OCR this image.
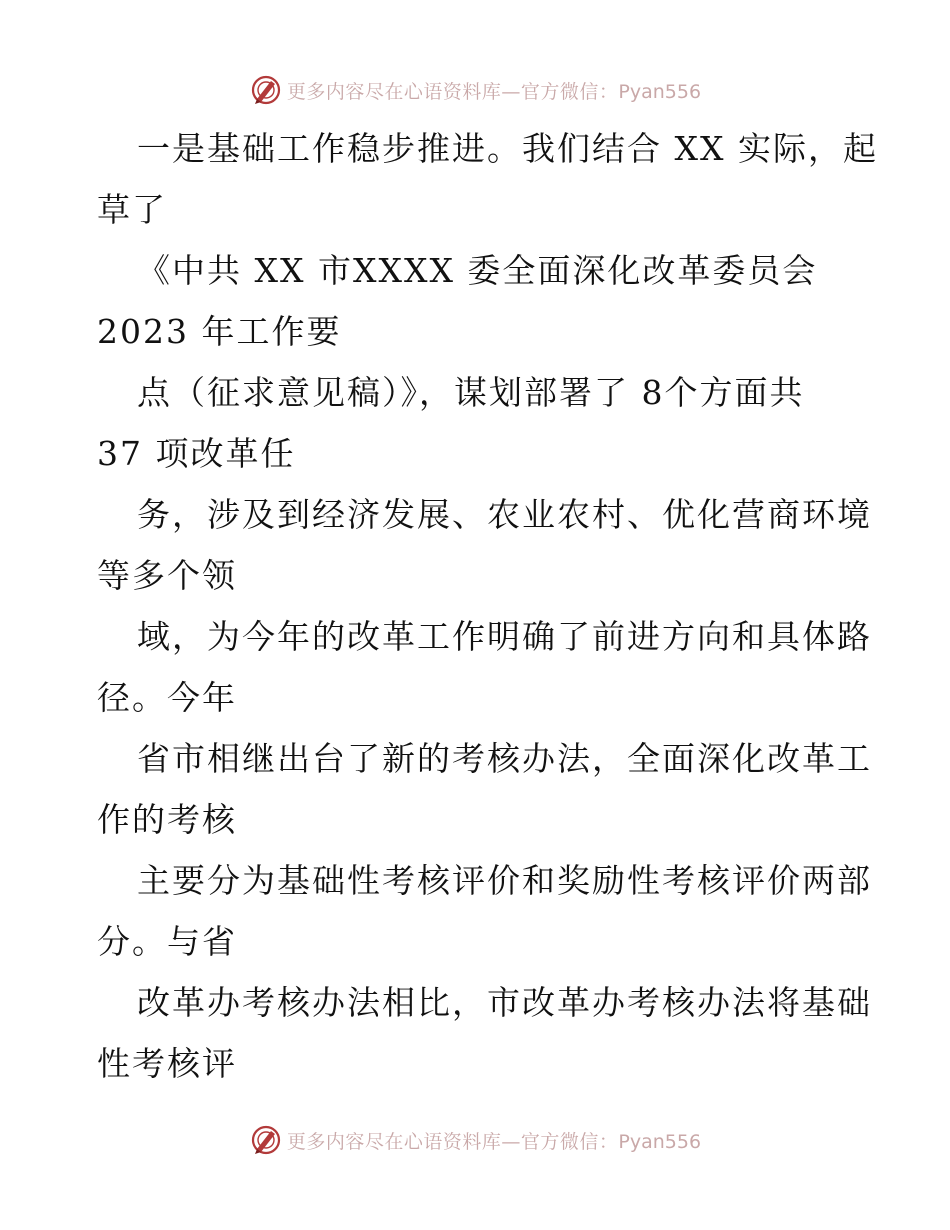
更多内容尽在心语资料库—官方微信：Pyan556
一是基础工作稳步推进。我们结合 XX 实际，起
草了
《中共 XX 市XXXX 委全面深化改革委员会
2023 年工作要
点（征求意见稿）》，谋划部署了 8个方面共
37 项改革任
务，涉及到经济发展、农业农村、优化营商环境
等多个领
域，为今年的改革工作明确了前进方向和具体路
径。今年
省市相继出台了新的考核办法，全面深化改革工
作的考核
主要分为基础性考核评价和奖励性考核评价两部
分。与省
改革办考核办法相比，市改革办考核办法将基础
性考核评
更多内容尽在心语资料库—官方微信：Pyan556
